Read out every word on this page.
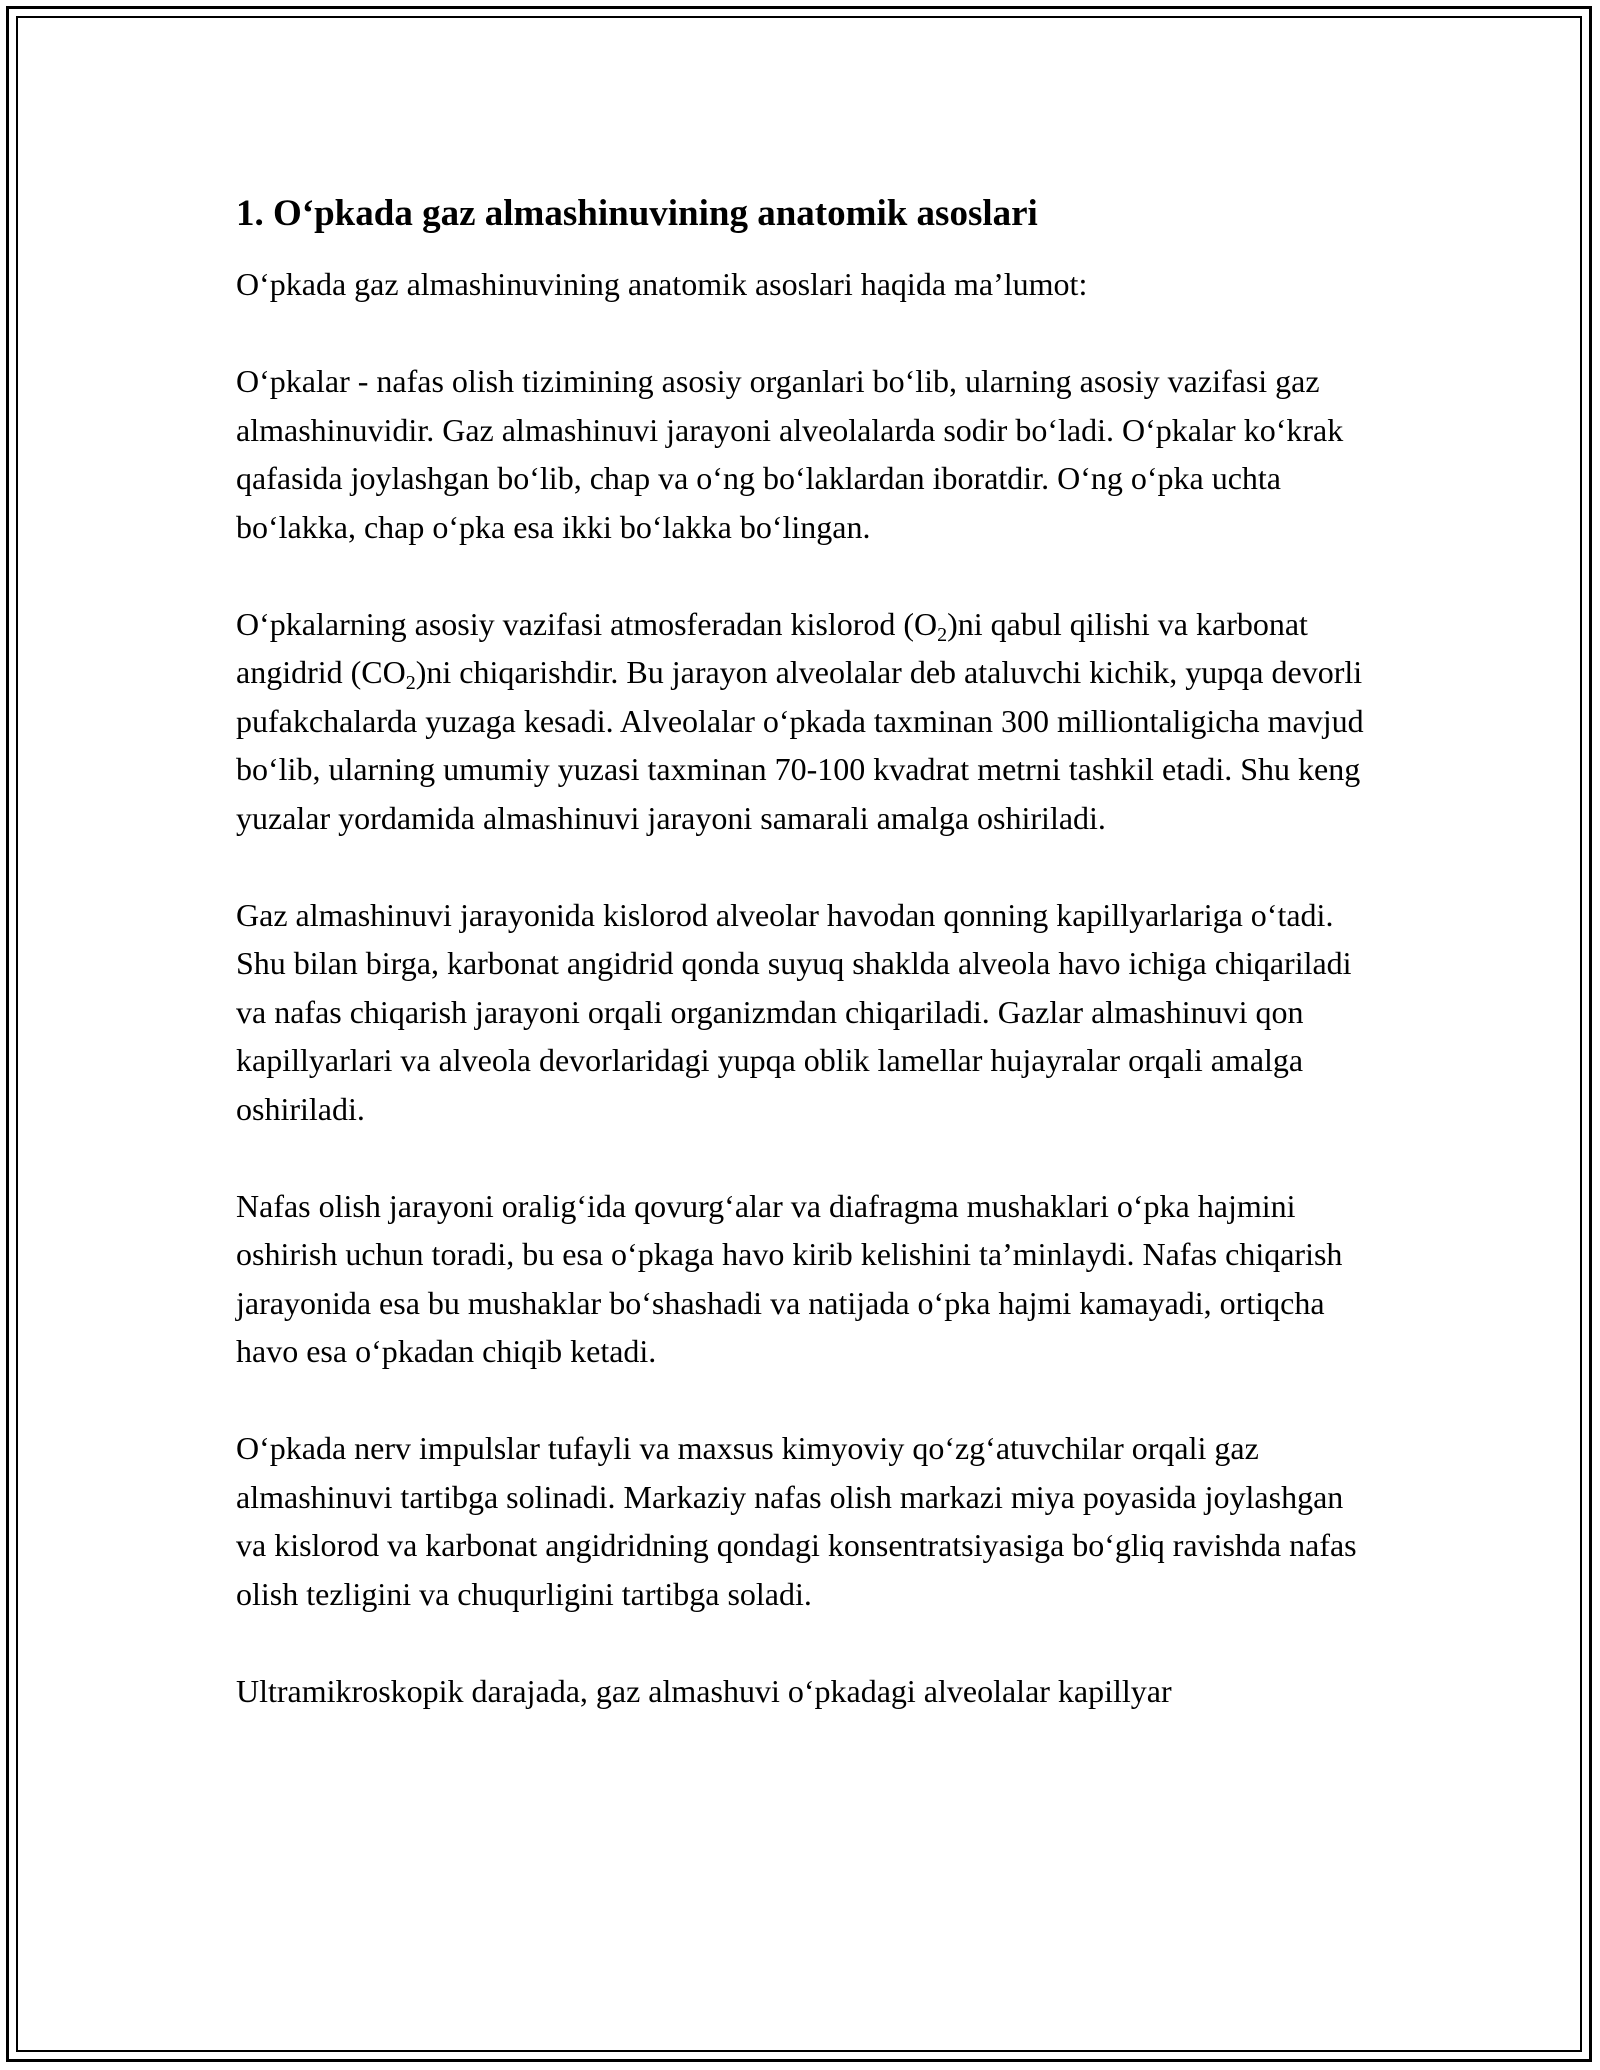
1. O‘pkada gaz almashinuvining anatomik asoslari

O‘pkada gaz almashinuvining anatomik asoslari haqida ma’lumot:

O‘pkalar - nafas olish tizimining asosiy organlari bo‘lib, ularning asosiy vazifasi gaz almashinuvidir. Gaz almashinuvi jarayoni alveolalarda sodir bo‘ladi. O‘pkalar ko‘krak qafasida joylashgan bo‘lib, chap va o‘ng bo‘laklardan iboratdir. O‘ng o‘pka uchta bo‘lakka, chap o‘pka esa ikki bo‘lakka bo‘lingan.

O‘pkalarning asosiy vazifasi atmosferadan kislorod $(O_2)ni$ qabul qilishi va karbonat angidrid $(CO_2)ni$ chiqarishdir. Bu jarayon alveolalar deb ataluvchi kichik, yupqa devorli pufakchalarda yuzaga kesadi. Alveolalar o‘pkada taxminan 300 milliontaligicha mavjud bo‘lib, ularning umumiy yuzasi taxminan 70-100 kvadrat metrni tashkil etadi. Shu keng yuzalar yordamida almashinuvi jarayoni samarali amalga oshiriladi.

Gaz almashinuvi jarayonida kislorod alveolar havodan qonning kapillyarlariga o‘tadi. Shu bilan birga, karbonat angidrid qonda suyuq shaklda alveola havo ichiga chiqariladi va nafas chiqarish jarayoni orqali organizmdan chiqariladi. Gazlar almashinuvi qon kapillyarlari va alveola devorlaridagi yupqa oblik lamellar hujayralar orqali amalga oshiriladi.

Nafas olish jarayoni oralig‘ida qovurg‘alar va diafragma mushaklari o‘pka hajmini oshirish uchun toradi, bu esa o‘pkaga havo kirib kelishini ta’minlaydi. Nafas chiqarish jarayonida esa bu mushaklar bo‘shashadi va natijada o‘pka hajmi kamayadi, ortiqcha havo esa o‘pkadan chiqib ketadi.

O‘pkada nerv impulslar tufayli va maxsus kimyoviy qo‘zg‘atuvchilar orqali gaz almashinuvi tartibga solinadi. Markaziy nafas olish markazi miya poyasida joylashgan va kislorod va karbonat angidridning qondagi konsentratsiyasiga bo‘gliq ravishda nafas olish tezligini va chuqurligini tartibga soladi.

Ultramikroskopik darajada, gaz almashuvi o‘pkadagi alveolalar kapillyar
